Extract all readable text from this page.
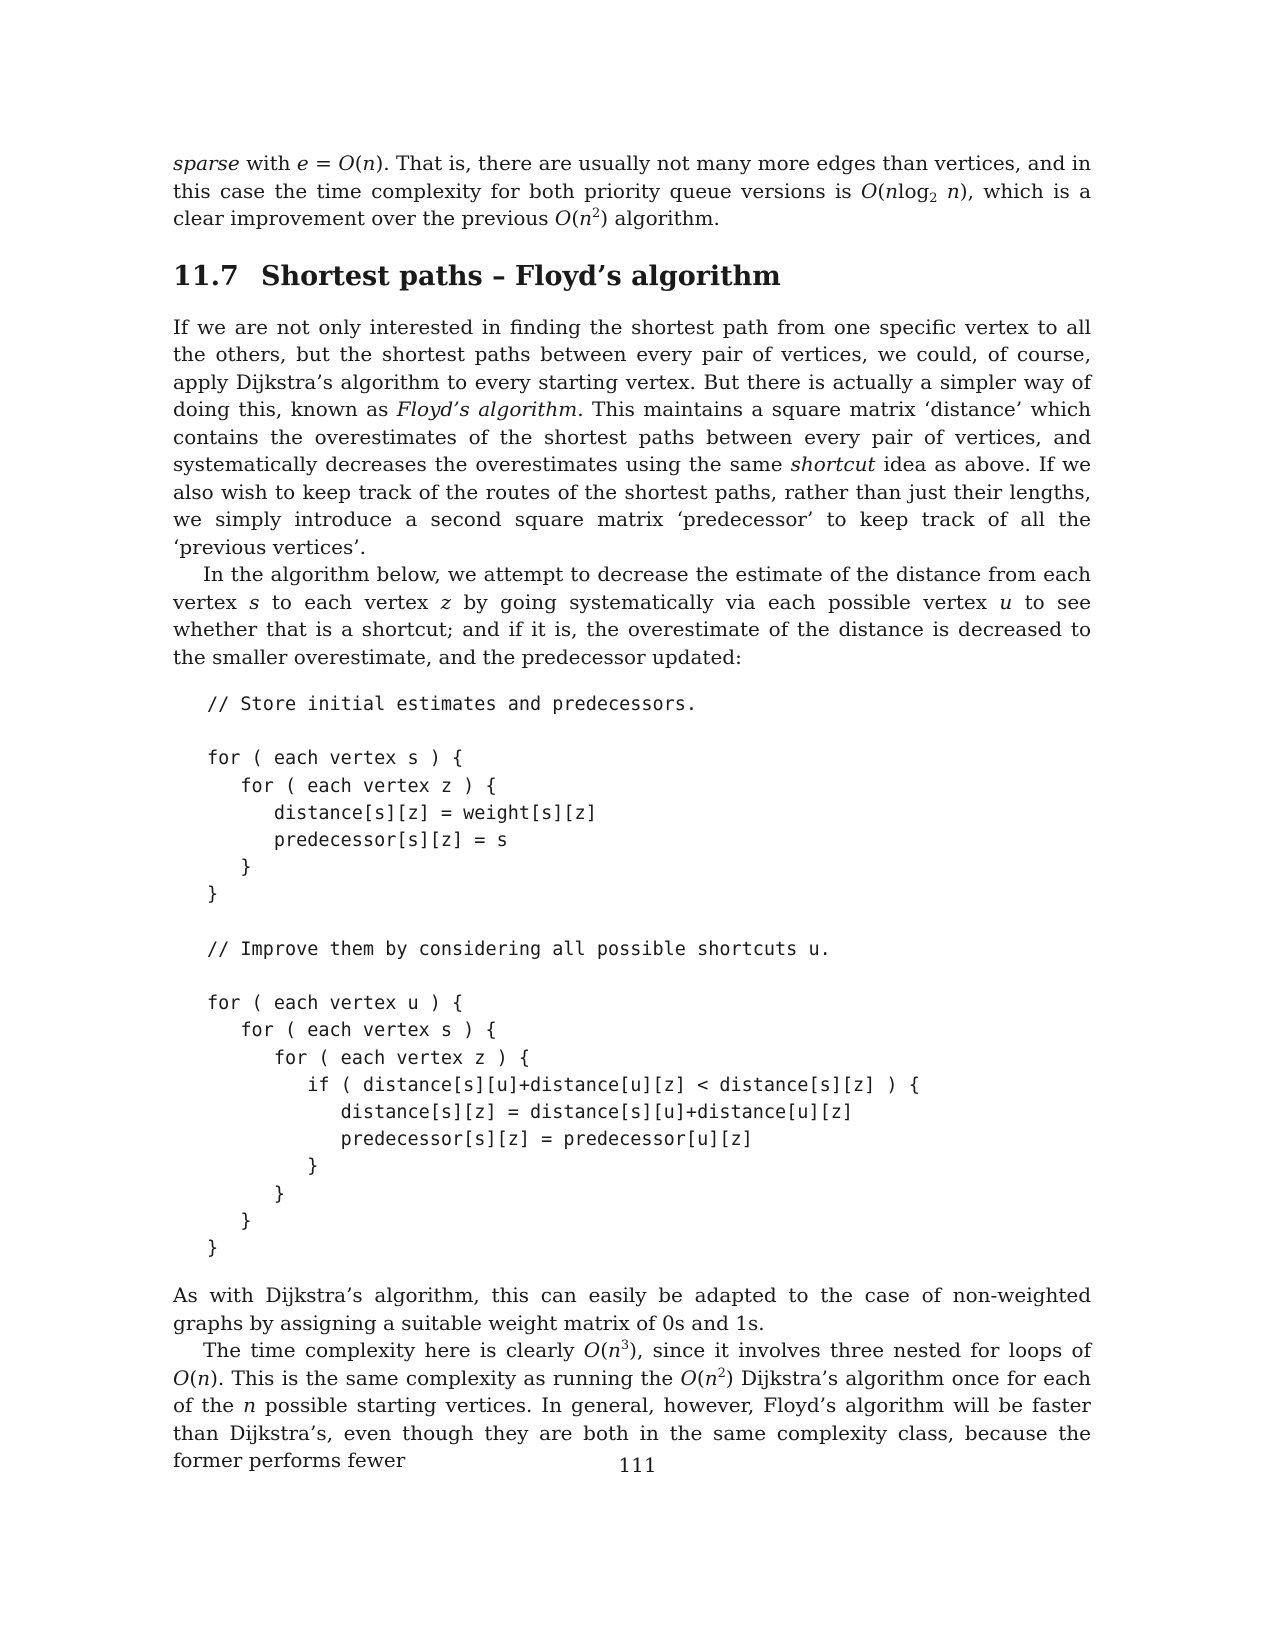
sparse with e = O(n). That is, there are usually not many more edges than vertices, and in this case the time complexity for both priority queue versions is O(nlog$_2$ n), which is a clear improvement over the previous $O(n^2)$ algorithm.

11.7 Shortest paths – Floyd’s algorithm

If we are not only interested in finding the shortest path from one specific vertex to all the others, but the shortest paths between every pair of vertices, we could, of course, apply Dijkstra’s algorithm to every starting vertex. But there is actually a simpler way of doing this, known as Floyd’s algorithm. This maintains a square matrix ‘distance’ which contains the overestimates of the shortest paths between every pair of vertices, and systematically decreases the overestimates using the same shortcut idea as above. If we also wish to keep track of the routes of the shortest paths, rather than just their lengths, we simply introduce a second square matrix ‘predecessor’ to keep track of all the ‘previous vertices’.

In the algorithm below, we attempt to decrease the estimate of the distance from each vertex s to each vertex z by going systematically via each possible vertex u to see whether that is a shortcut; and if it is, the overestimate of the distance is decreased to the smaller overestimate, and the predecessor updated:

// Store initial estimates and predecessors.

for ( each vertex s ) {
for ( each vertex z ) {
distance[s][z] = weight[s][z]
predecessor[s][z] = s
}
}

// Improve them by considering all possible shortcuts u.

for ( each vertex u ) {
for ( each vertex s ) {
for ( each vertex z ) {
if ( distance[s][u]+distance[u][z] < distance[s][z] ) {
distance[s][z] = distance[s][u]+distance[u][z]
predecessor[s][z] = predecessor[u][z]
}
}
}
}

As with Dijkstra’s algorithm, this can easily be adapted to the case of non-weighted graphs by assigning a suitable weight matrix of 0s and 1s.

The time complexity here is clearly $O(n^3)$, since it involves three nested for loops of O(n). This is the same complexity as running the $O(n^2)$ Dijkstra’s algorithm once for each of the n possible starting vertices. In general, however, Floyd’s algorithm will be faster than Dijkstra’s, even though they are both in the same complexity class, because the former performs fewer	111
